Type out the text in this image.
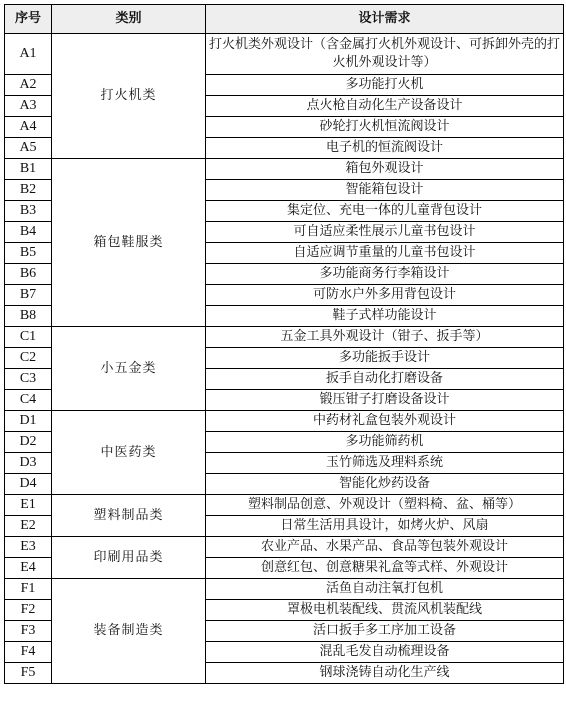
序号	类别	设计需求
A1	打火机类	打火机类外观设计（含金属打火机外观设计、可拆卸外壳的打火机外观设计等）
A2		多功能打火机
A3		点火枪自动化生产设备设计
A4		砂轮打火机恒流阀设计
A5		电子机的恒流阀设计
B1	箱包鞋服类	箱包外观设计
B2		智能箱包设计
B3		集定位、充电一体的儿童背包设计
B4		可自适应柔性展示儿童书包设计
B5		自适应调节重量的儿童书包设计
B6		多功能商务行李箱设计
B7		可防水户外多用背包设计
B8		鞋子式样功能设计
C1	小五金类	五金工具外观设计（钳子、扳手等）
C2		多功能扳手设计
C3		扳手自动化打磨设备
C4		锻压钳子打磨设备设计
D1	中医药类	中药材礼盒包装外观设计
D2		多功能筛药机
D3		玉竹筛选及理料系统
D4		智能化炒药设备
E1	塑料制品类	塑料制品创意、外观设计（塑料椅、盆、桶等）
E2		日常生活用具设计，如烤火炉、风扇
E3	印刷用品类	农业产品、水果产品、食品等包装外观设计
E4		创意红包、创意糖果礼盒等式样、外观设计
F1	装备制造类	活鱼自动注氧打包机
F2		罩极电机装配线、贯流风机装配线
F3		活口扳手多工序加工设备
F4		混乱毛发自动梳理设备
F5		钢球浇铸自动化生产线
